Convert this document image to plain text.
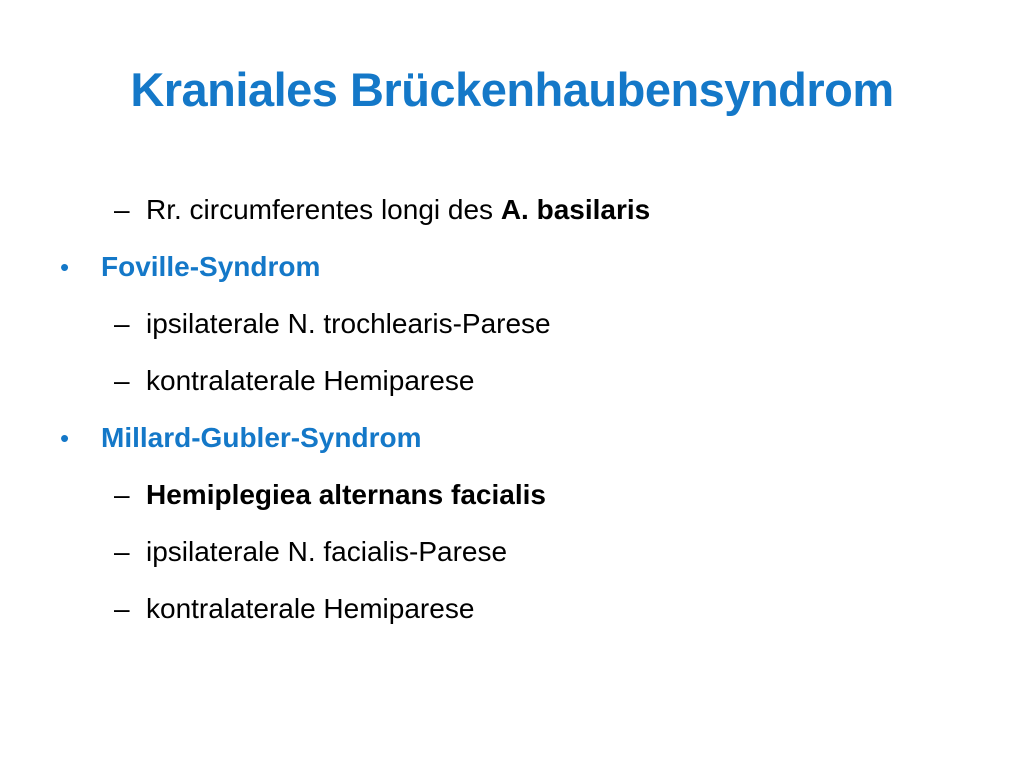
Kraniales Brückenhaubensyndrom
– Rr. circumferentes longi des A. basilaris
• Foville-Syndrom
– ipsilaterale N. trochlearis-Parese
– kontralaterale Hemiparese
• Millard-Gubler-Syndrom
– Hemiplegiea alternans facialis
– ipsilaterale N. facialis-Parese
– kontralaterale Hemiparese
